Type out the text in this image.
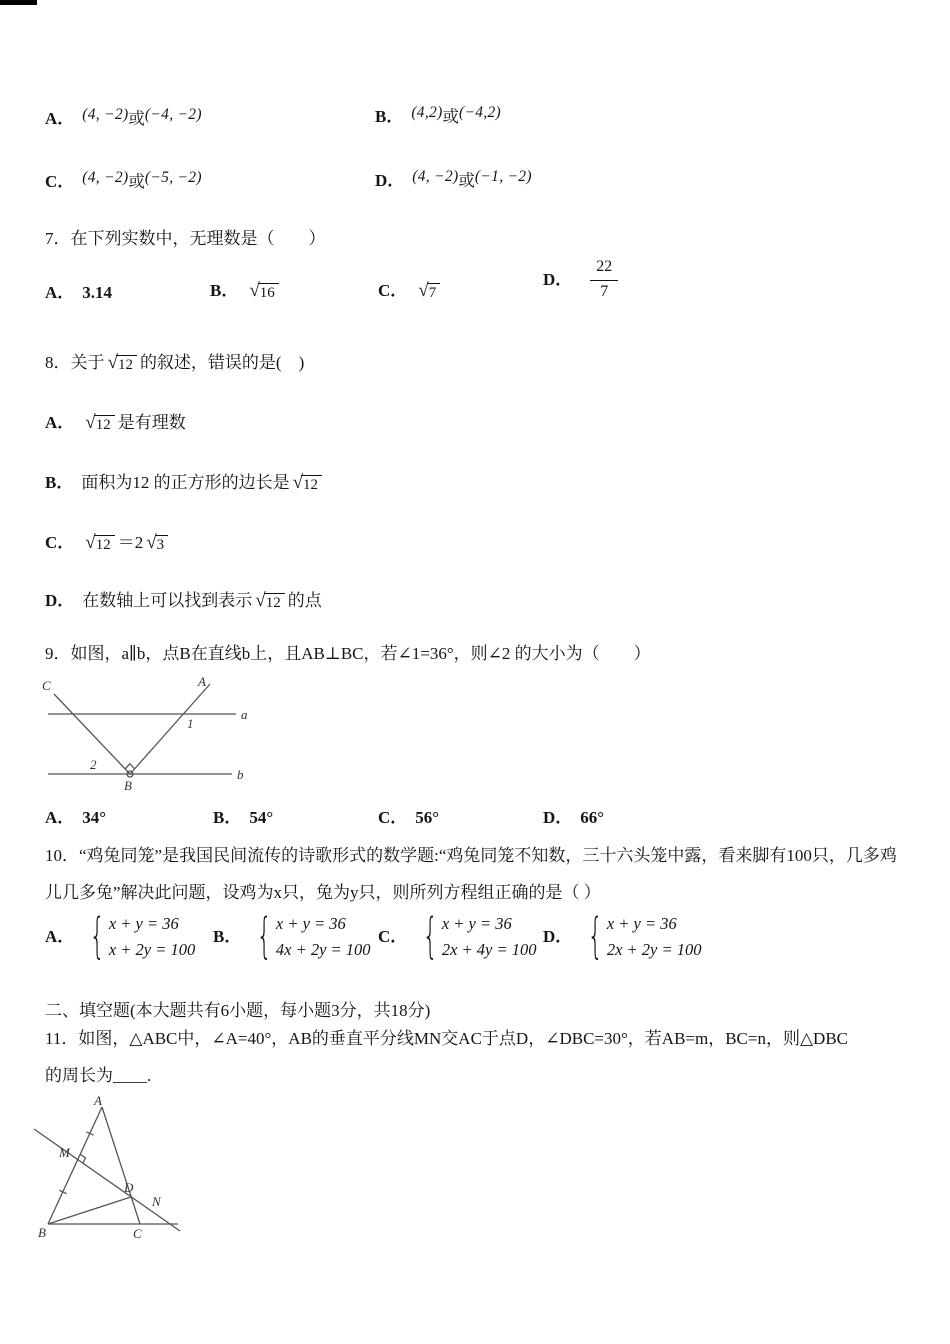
A． (4, −2)或(−4, −2)	B． (4,2)或(−4,2)
C． (4, −2)或(−5, −2)	D． (4, −2)或(−1, −2)
7．在下列实数中，无理数是（　　）
A． 3.14	B． √ 16	C． √ 7
D． $\frac{22}{7}$
8．关于 √ 12 的叙述，错误的是(　)
A． √ 12 是有理数
B． 面积为12 的正方形的边长是 √ 12
C． √ 12 ＝2 √ 3
D． 在数轴上可以找到表示 √ 12 的点
9．如图，a∥b，点B在直线b上，且AB⊥BC，若∠1=36°，则∠2 的大小为（　　）
C	A
1
a
2
B
b
A． 34°	B． 54°	C． 56°	D． 66°
10．“鸡兔同笼”是我国民间流传的诗歌形式的数学题:“鸡兔同笼不知数，三十六头笼中露，看来脚有100只，几多鸡
儿几多兔”解决此问题，设鸡为x只，兔为y只，则所列方程组正确的是（ ）
A． { x + y = 36
x + 2y = 100
B． { x + y = 36
4x + 2y = 100
C． { x + y = 36
2x + 4y = 100
D． { x + y = 36
2x + 2y = 100
二、填空题(本大题共有6小题，每小题3分，共18分)
11．如图，△ABC中，∠A=40°，AB的垂直平分线MN交AC于点D，∠DBC=30°，若AB=m，BC=n，则△DBC
的周长为____.
A
M
D
N
B	C
